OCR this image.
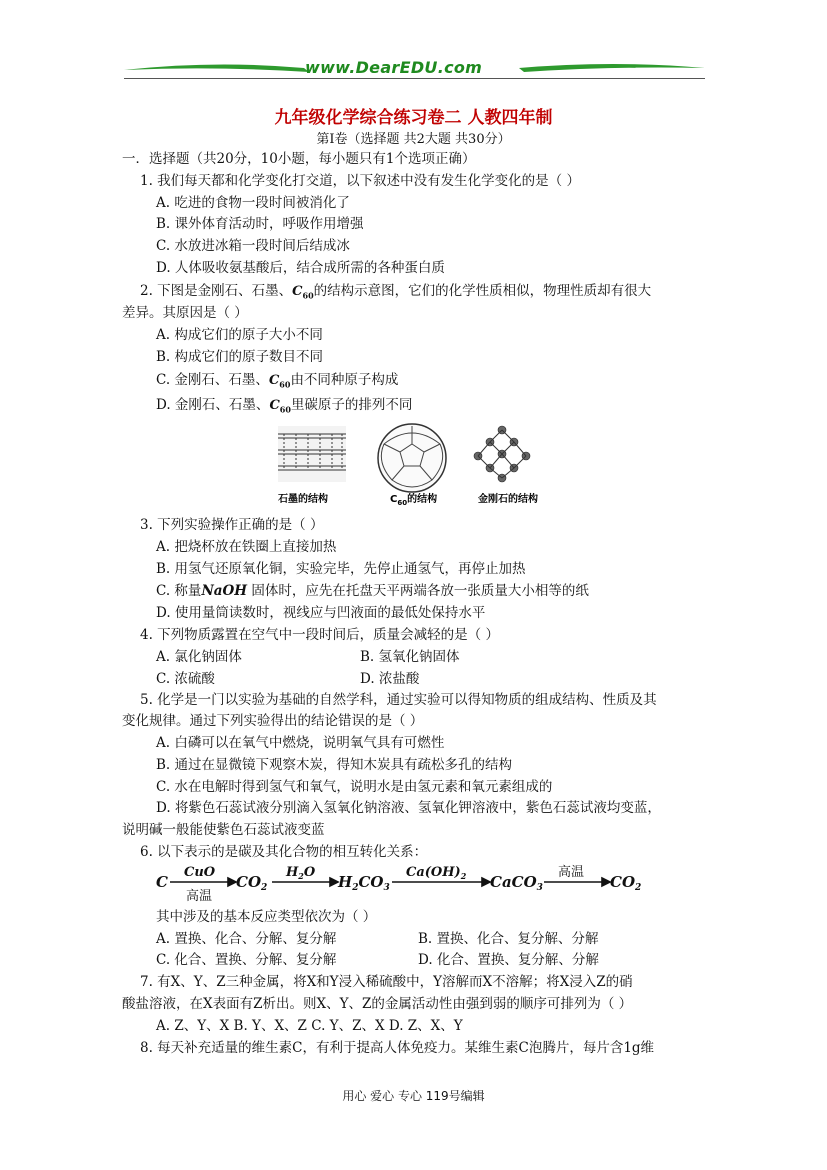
www.DearEDU.com
九年级化学综合练习卷二 人教四年制
第Ⅰ卷（选择题 共2大题 共30分）
一．选择题（共20分，10小题，每小题只有1个选项正确）
1. 我们每天都和化学变化打交道，以下叙述中没有发生化学变化的是（ ）
A. 吃进的食物一段时间被消化了
B. 课外体育活动时，呼吸作用增强
C. 水放进冰箱一段时间后结成冰
D. 人体吸收氨基酸后，结合成所需的各种蛋白质
2. 下图是金刚石、石墨、$C_{60}$的结构示意图，它们的化学性质相似，物理性质却有很大
差异。其原因是（ ）
A. 构成它们的原子大小不同
B. 构成它们的原子数目不同
C. 金刚石、石墨、$C_{60}$由不同种原子构成
D. 金刚石、石墨、$C_{60}$里碳原子的排列不同
石墨的结构	$C_{60}$的结构	金刚石的结构
3. 下列实验操作正确的是（ ）
A. 把烧杯放在铁圈上直接加热
B. 用氢气还原氧化铜，实验完毕，先停止通氢气，再停止加热
C. 称量NaOH 固体时，应先在托盘天平两端各放一张质量大小相等的纸
D. 使用量筒读数时，视线应与凹液面的最低处保持水平
4. 下列物质露置在空气中一段时间后，质量会减轻的是（ ）
A. 氯化钠固体	B. 氢氧化钠固体
C. 浓硫酸	D. 浓盐酸
5. 化学是一门以实验为基础的自然学科，通过实验可以得知物质的组成结构、性质及其
变化规律。通过下列实验得出的结论错误的是（ ）
A. 白磷可以在氧气中燃烧，说明氧气具有可燃性
B. 通过在显微镜下观察木炭，得知木炭具有疏松多孔的结构
C. 水在电解时得到氢气和氧气，说明水是由氢元素和氧元素组成的
D. 将紫色石蕊试液分别滴入氢氧化钠溶液、氢氧化钾溶液中，紫色石蕊试液均变蓝，
说明碱一般能使紫色石蕊试液变蓝
6. 以下表示的是碳及其化合物的相互转化关系：
C	$CO_2$	$H_2CO_3$	CaCO$_3$	$CO_2$
CuO
高温
$H_2O$	$Ca(OH)_2$	高温
其中涉及的基本反应类型依次为（ ）
A. 置换、化合、分解、复分解	B. 置换、化合、复分解、分解
C. 化合、置换、分解、复分解	D. 化合、置换、复分解、分解
7. 有X、Y、Z三种金属，将X和Y浸入稀硫酸中，Y溶解而X不溶解；将X浸入Z的硝
酸盐溶液，在X表面有Z析出。则X、Y、Z的金属活动性由强到弱的顺序可排列为（ ）
A. Z、Y、X B. Y、X、Z C. Y、Z、X D. Z、X、Y
8. 每天补充适量的维生素C，有利于提高人体免疫力。某维生素C泡腾片，每片含1g维
用心 爱心 专心 119号编辑
